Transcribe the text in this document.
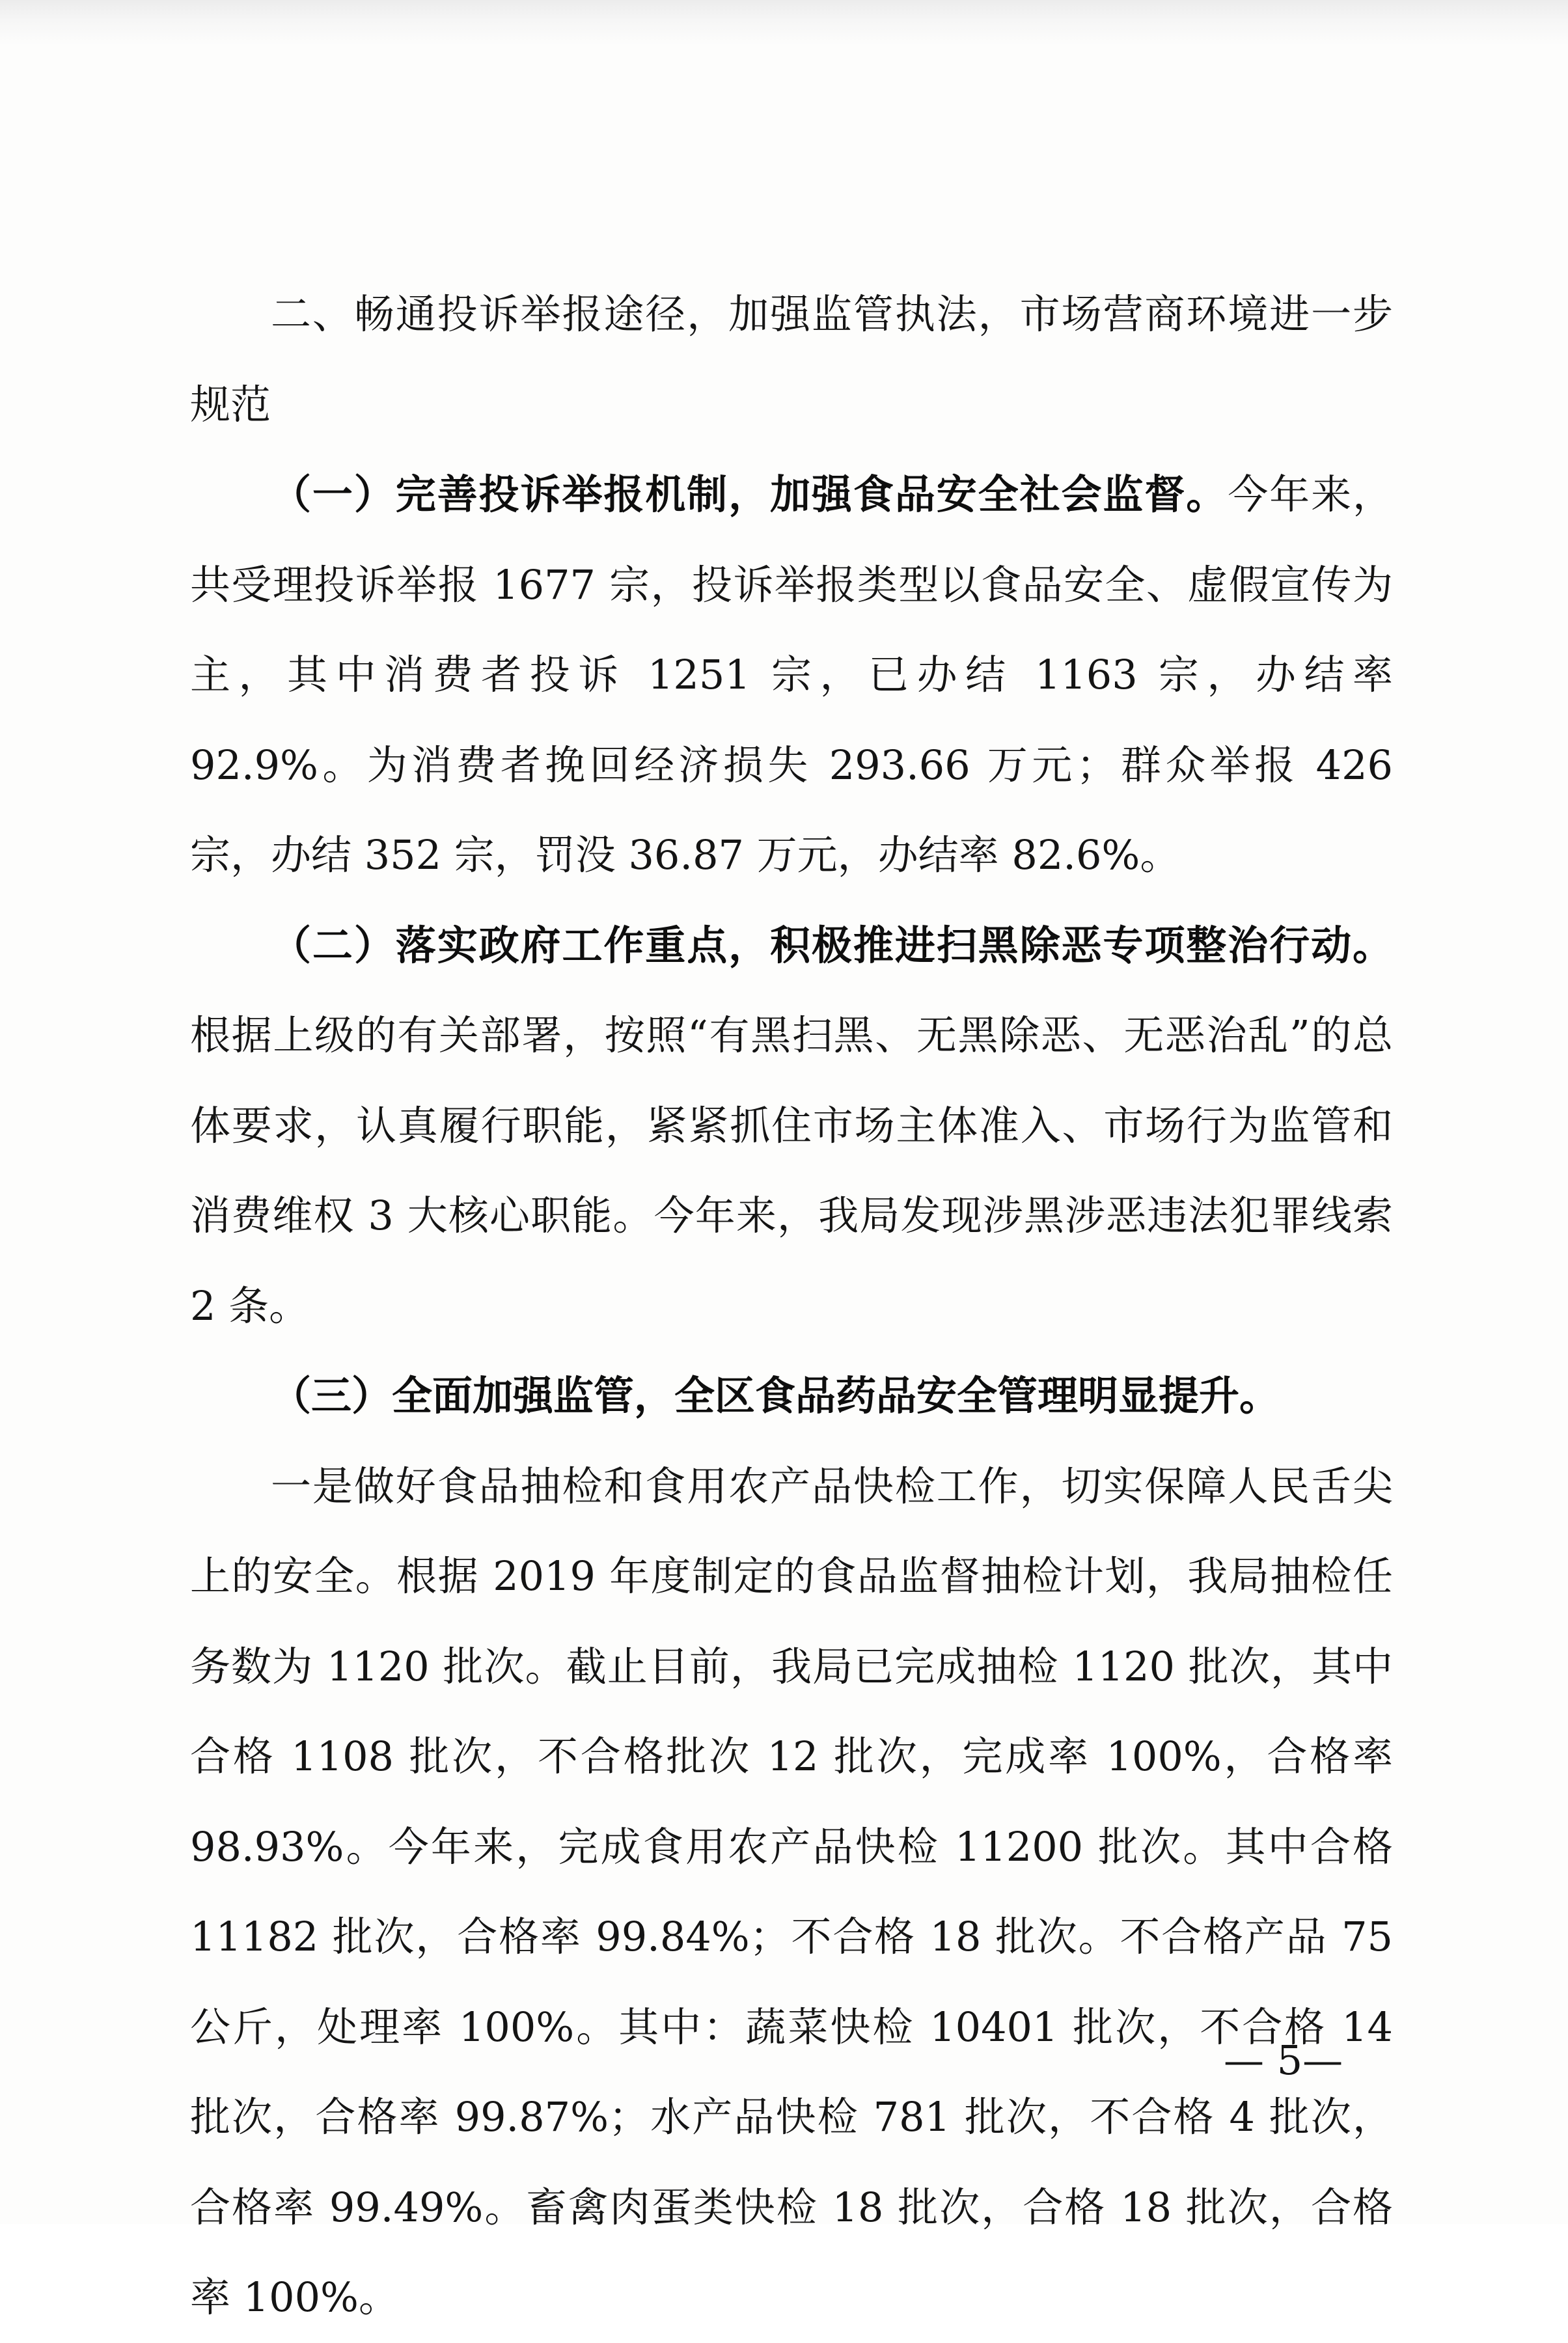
二、畅通投诉举报途径，加强监管执法，市场营商环境进一步规范

（一）完善投诉举报机制，加强食品安全社会监督。今年来，共受理投诉举报 1677 宗，投诉举报类型以食品安全、虚假宣传为主，其中消费者投诉 1251 宗，已办结 1163 宗，办结率 92.9%。为消费者挽回经济损失 293.66 万元；群众举报 426 宗，办结 352 宗，罚没 36.87 万元，办结率 82.6%。

（二）落实政府工作重点，积极推进扫黑除恶专项整治行动。根据上级的有关部署，按照“有黑扫黑、无黑除恶、无恶治乱”的总体要求，认真履行职能，紧紧抓住市场主体准入、市场行为监管和消费维权 3 大核心职能。今年来，我局发现涉黑涉恶违法犯罪线索 2 条。

（三）全面加强监管，全区食品药品安全管理明显提升。

一是做好食品抽检和食用农产品快检工作，切实保障人民舌尖上的安全。根据 2019 年度制定的食品监督抽检计划，我局抽检任务数为 1120 批次。截止目前，我局已完成抽检 1120 批次，其中合格 1108 批次，不合格批次 12 批次，完成率 100%，合格率 98.93%。今年来，完成食用农产品快检 11200 批次。其中合格 11182 批次，合格率 99.84%；不合格 18 批次。不合格产品 75 公斤，处理率 100%。其中：蔬菜快检 10401 批次，不合格 14 批次，合格率 99.87%；水产品快检 781 批次，不合格 4 批次，合格率 99.49%。畜禽肉蛋类快检 18 批次，合格 18 批次，合格率 100%。

— 5—
